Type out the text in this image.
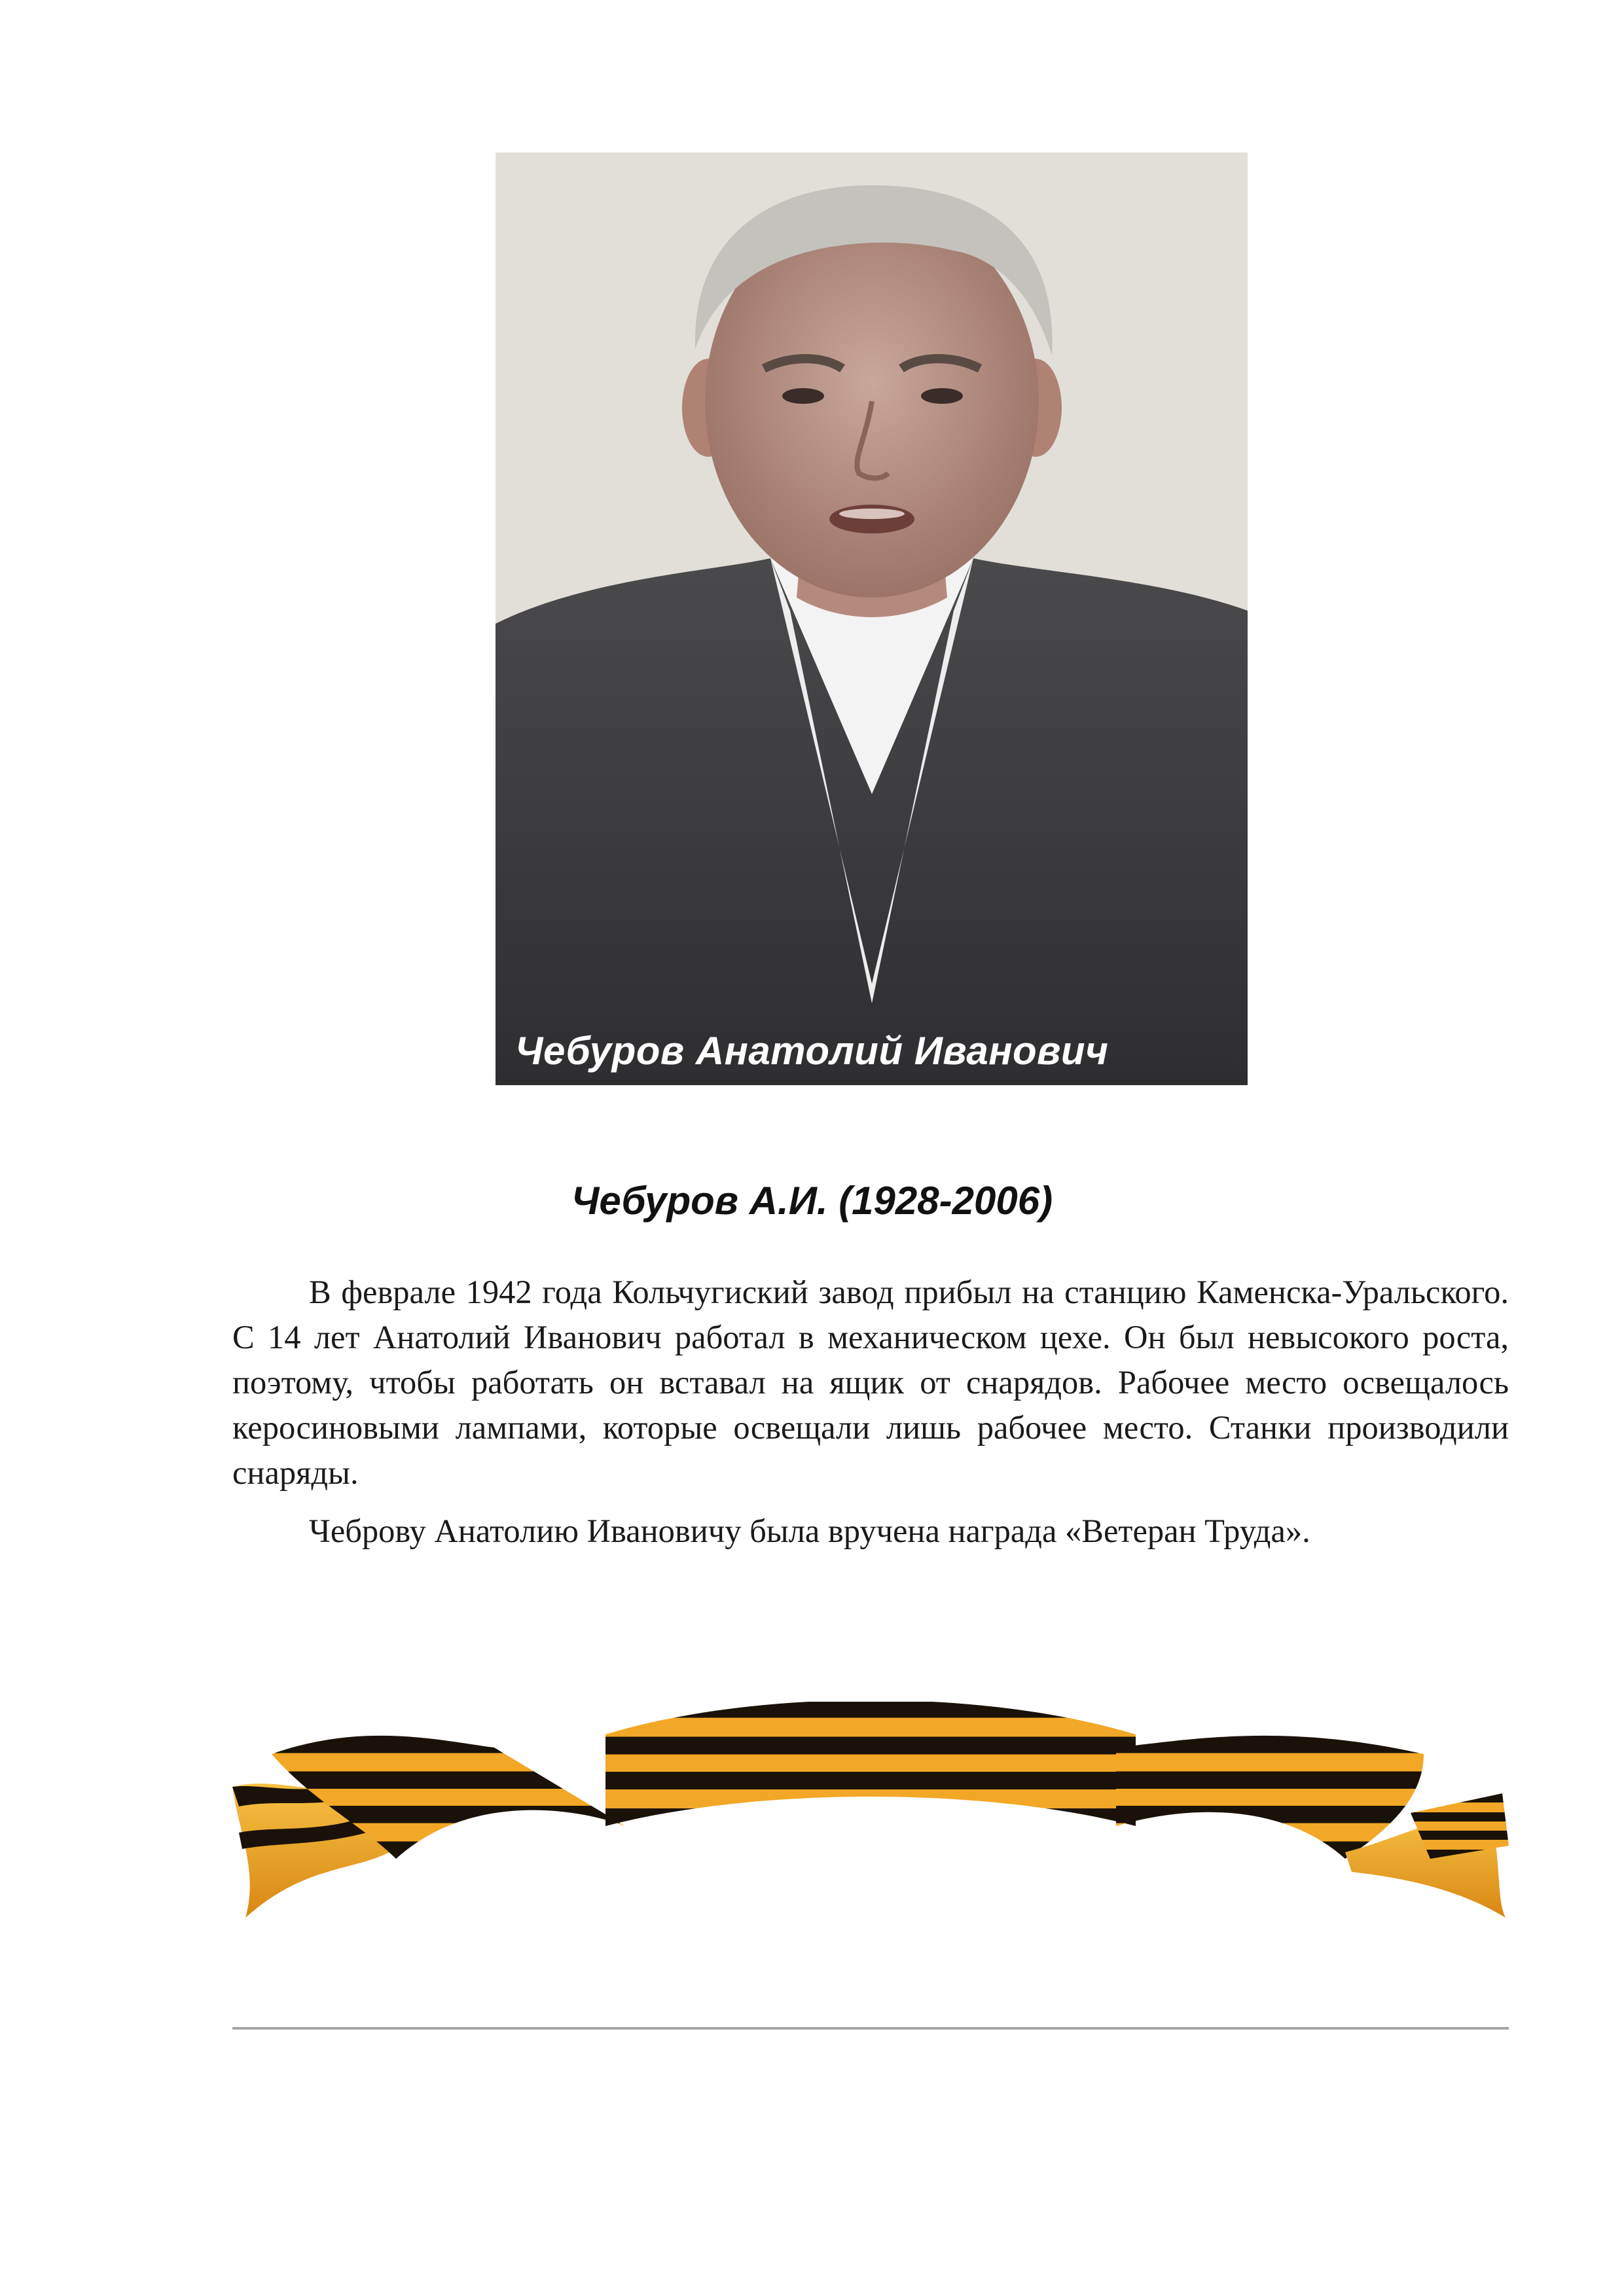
Чебуров Анатолий Иванович
Чебуров А.И. (1928-2006)

В феврале 1942 года Кольчугиский завод прибыл на станцию Каменска-Уральского. С 14 лет Анатолий Иванович работал в механическом цехе. Он был невысокого роста, поэтому, чтобы работать он вставал на ящик от снарядов. Рабочее место освещалось керосиновыми лампами, которые освещали лишь рабочее место. Станки производили снаряды.

Чеброву Анатолию Ивановичу была вручена награда «Ветеран Труда».
